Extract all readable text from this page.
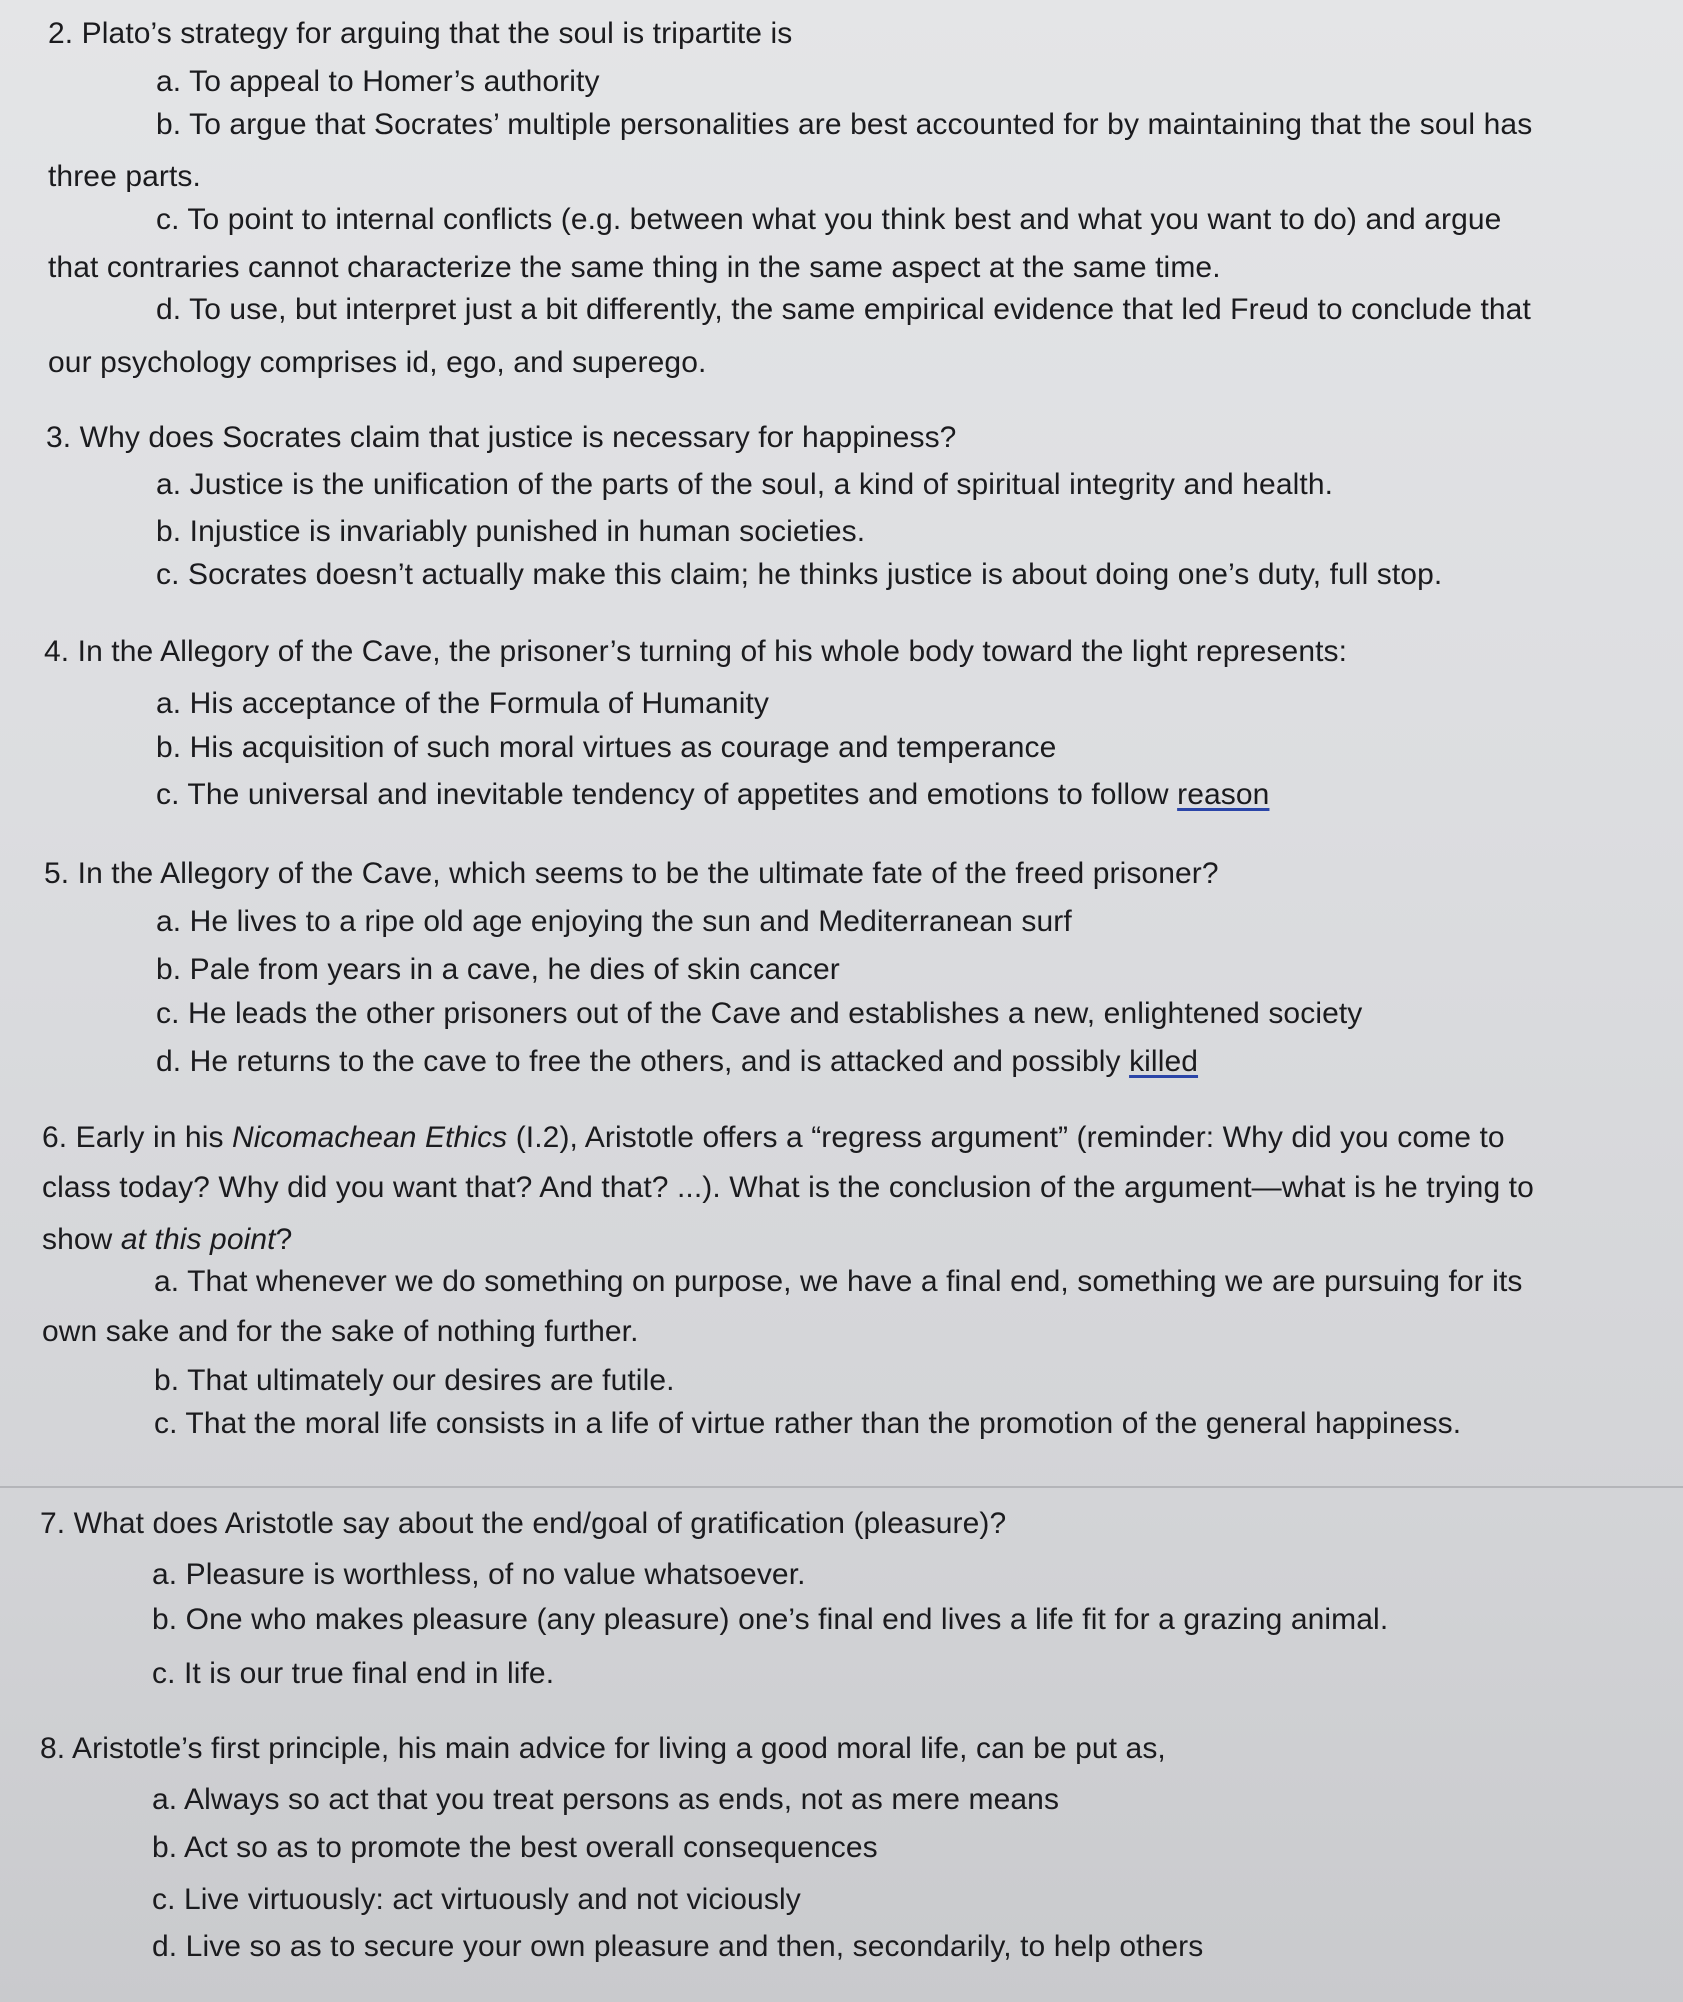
2. Plato’s strategy for arguing that the soul is tripartite is
a. To appeal to Homer’s authority
b. To argue that Socrates’ multiple personalities are best accounted for by maintaining that the soul has
three parts.
c. To point to internal conflicts (e.g. between what you think best and what you want to do) and argue
that contraries cannot characterize the same thing in the same aspect at the same time.
d. To use, but interpret just a bit differently, the same empirical evidence that led Freud to conclude that
our psychology comprises id, ego, and superego.
3. Why does Socrates claim that justice is necessary for happiness?
a. Justice is the unification of the parts of the soul, a kind of spiritual integrity and health.
b. Injustice is invariably punished in human societies.
c. Socrates doesn’t actually make this claim; he thinks justice is about doing one’s duty, full stop.
4. In the Allegory of the Cave, the prisoner’s turning of his whole body toward the light represents:
a. His acceptance of the Formula of Humanity
b. His acquisition of such moral virtues as courage and temperance
c. The universal and inevitable tendency of appetites and emotions to follow reason
5. In the Allegory of the Cave, which seems to be the ultimate fate of the freed prisoner?
a. He lives to a ripe old age enjoying the sun and Mediterranean surf
b. Pale from years in a cave, he dies of skin cancer
c. He leads the other prisoners out of the Cave and establishes a new, enlightened society
d. He returns to the cave to free the others, and is attacked and possibly killed
6. Early in his Nicomachean Ethics (I.2), Aristotle offers a “regress argument” (reminder: Why did you come to
class today? Why did you want that? And that? ...). What is the conclusion of the argument—what is he trying to
show at this point?
a. That whenever we do something on purpose, we have a final end, something we are pursuing for its
own sake and for the sake of nothing further.
b. That ultimately our desires are futile.
c. That the moral life consists in a life of virtue rather than the promotion of the general happiness.
7. What does Aristotle say about the end/goal of gratification (pleasure)?
a. Pleasure is worthless, of no value whatsoever.
b. One who makes pleasure (any pleasure) one’s final end lives a life fit for a grazing animal.
c. It is our true final end in life.
8. Aristotle’s first principle, his main advice for living a good moral life, can be put as,
a. Always so act that you treat persons as ends, not as mere means
b. Act so as to promote the best overall consequences
c. Live virtuously: act virtuously and not viciously
d. Live so as to secure your own pleasure and then, secondarily, to help others
